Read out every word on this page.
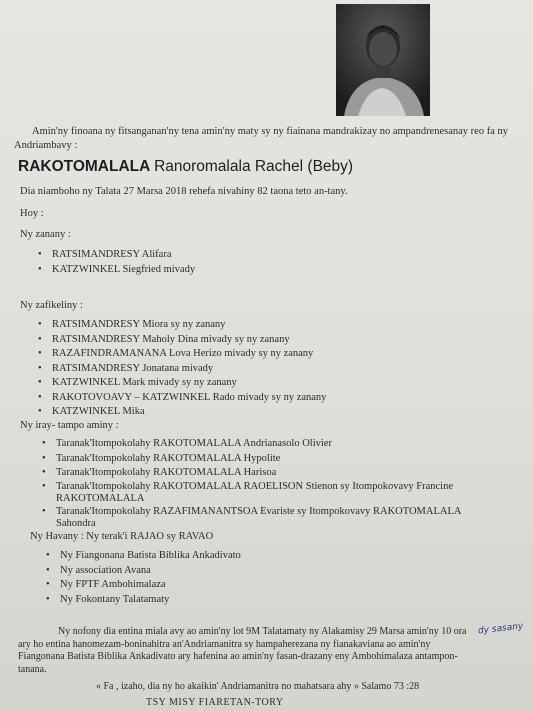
Amin'ny finoana ny fitsanganan'ny tena amin'ny maty sy ny fiainana mandrakizay no ampandrenesanay reo fa ny Andriambavy :
RAKOTOMALALA Ranoromalala Rachel (Beby)
Dia niamboho ny Talata 27 Marsa 2018 rehefa nivahiny 82 taona teto an-tany.
Hoy :
Ny zanany :
• RATSIMANDRESY Alifara
• KATZWINKEL Siegfried mivady
Ny zafikeliny :
• RATSIMANDRESY Miora sy ny zanany
• RATSIMANDRESY Maholy Dina mivady sy ny zanany
• RAZAFINDRAMANANA Lova Herizo mivady sy ny zanany
• RATSIMANDRESY Jonatana mivady
• KATZWINKEL Mark mivady sy ny zanany
• RAKOTOVOAVY – KATZWINKEL Rado mivady sy ny zanany
• KATZWINKEL Mika
Ny iray- tampo aminy :
• Taranak'Itompokolahy RAKOTOMALALA Andrianasolo Olivier
• Taranak'Itompokolahy RAKOTOMALALA Hypolite
• Taranak'Itompokolahy RAKOTOMALALA Harisoa
• Taranak'Itompokolahy RAKOTOMALALA RAOELISON Stienon sy Itompokovavy Francine RAKOTOMALALA
• Taranak'Itompokolahy RAZAFIMANANTSOA Evariste sy Itompokovavy RAKOTOMALALA Sahondra
Ny Havany : Ny terak'i RAJAO sy RAVAO
• Ny Fiangonana Batista Biblika Ankadivato
• Ny association Avana
• Ny FPTF Ambohimalaza
• Ny Fokontany Talatamaty
Ny nofony dia entina miala avy ao amin'ny lot 9M Talatamaty ny Alakamisy 29 Marsa amin'ny 10 ora ary ho entina hanomezam-boninahitra an'Andriamanitra sy hampaherezana ny fianakaviana ao amin'ny Fiangonana Batista Biblika Ankadivato ary hafenina ao amin'ny fasan-drazany eny Ambohimalaza antampon-tanana.
dy sasany
« Fa , izaho, dia ny ho akaikin' Andriamanitra no mahatsara ahy » Salamo 73 :28
TSY MISY FIARETAN-TORY
